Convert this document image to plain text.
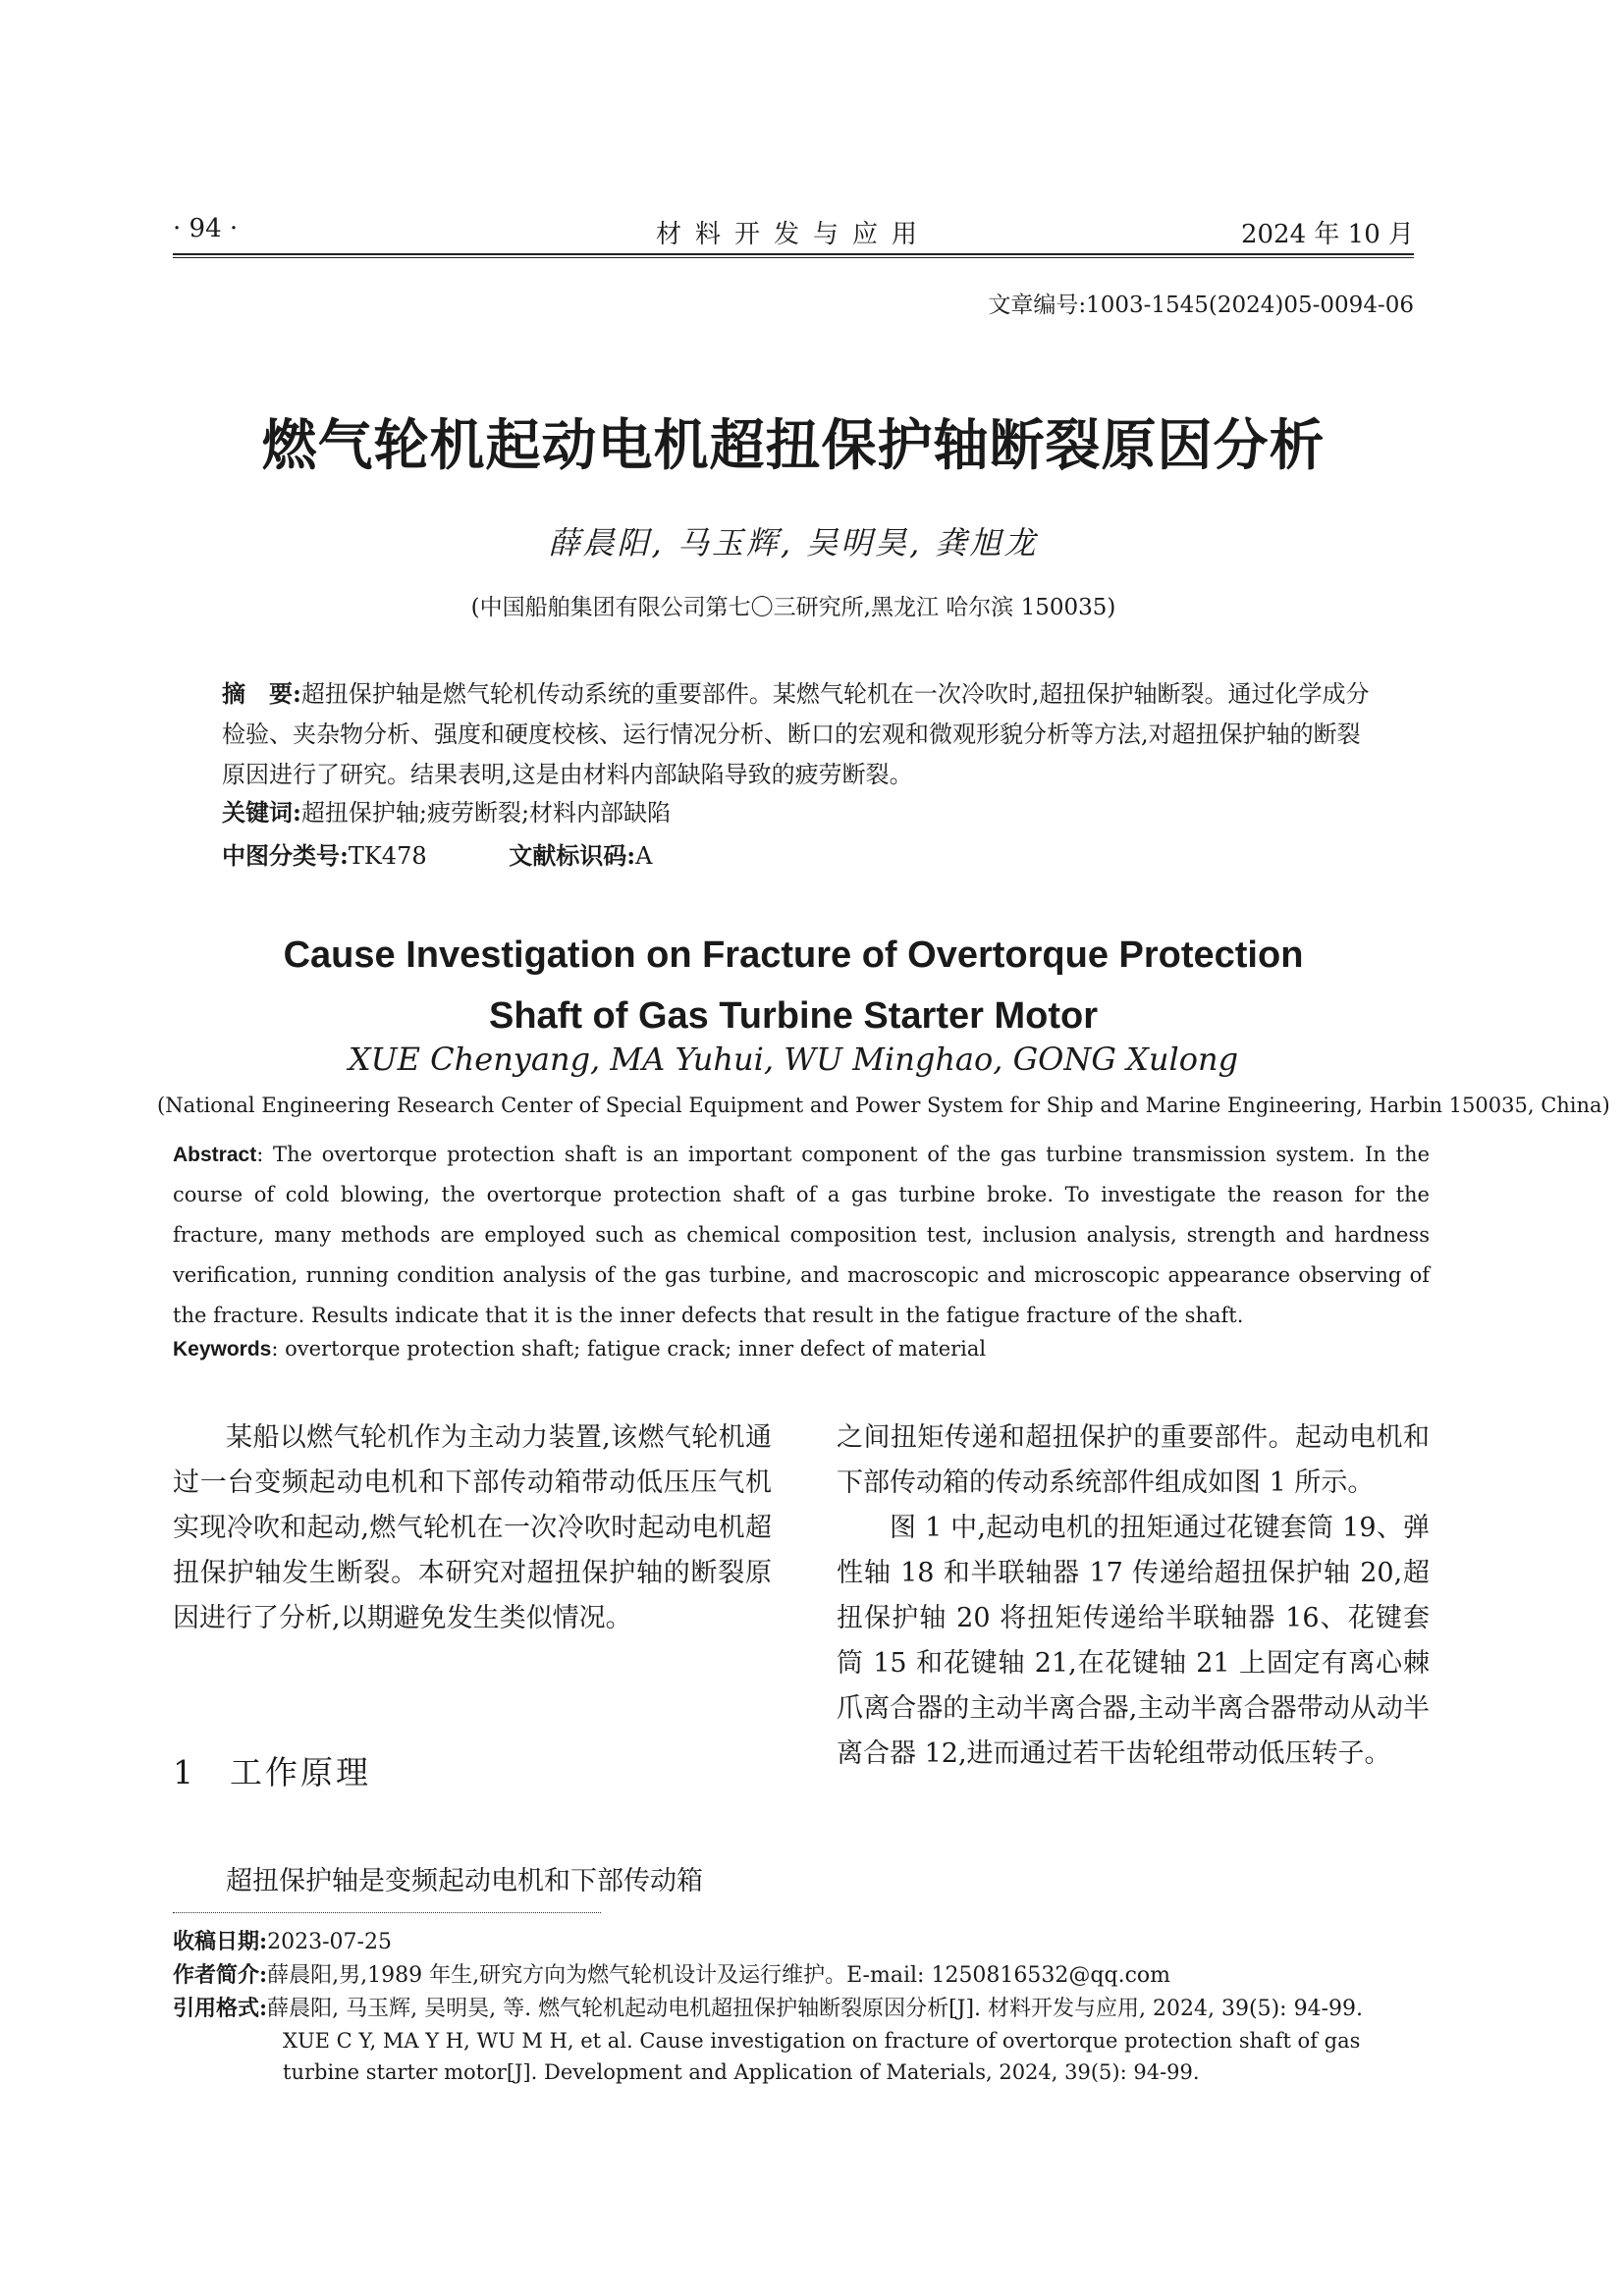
· 94 ·	材料开发与应用	2024 年 10 月
文章编号:1003-1545(2024)05-0094-06
燃气轮机起动电机超扭保护轴断裂原因分析
薛晨阳, 马玉辉, 吴明昊, 龚旭龙
(中国船舶集团有限公司第七〇三研究所,黑龙江 哈尔滨 150035)
摘　要:超扭保护轴是燃气轮机传动系统的重要部件。某燃气轮机在一次冷吹时,超扭保护轴断裂。通过化学成分检验、夹杂物分析、强度和硬度校核、运行情况分析、断口的宏观和微观形貌分析等方法,对超扭保护轴的断裂原因进行了研究。结果表明,这是由材料内部缺陷导致的疲劳断裂。
关键词:超扭保护轴;疲劳断裂;材料内部缺陷
中图分类号:TK478	文献标识码:A
Cause Investigation on Fracture of Overtorque Protection
Shaft of Gas Turbine Starter Motor
XUE Chenyang, MA Yuhui, WU Minghao, GONG Xulong
(National Engineering Research Center of Special Equipment and Power System for Ship and Marine Engineering, Harbin 150035, China)
Abstract: The overtorque protection shaft is an important component of the gas turbine transmission system. In the course of cold blowing, the overtorque protection shaft of a gas turbine broke. To investigate the reason for the fracture, many methods are employed such as chemical composition test, inclusion analysis, strength and hardness verification, running condition analysis of the gas turbine, and macroscopic and microscopic appearance observing of the fracture. Results indicate that it is the inner defects that result in the fatigue fracture of the shaft.
Keywords: overtorque protection shaft; fatigue crack; inner defect of material

某船以燃气轮机作为主动力装置,该燃气轮机通过一台变频起动电机和下部传动箱带动低压压气机实现冷吹和起动,燃气轮机在一次冷吹时起动电机超扭保护轴发生断裂。本研究对超扭保护轴的断裂原因进行了分析,以期避免发生类似情况。

1 工作原理

超扭保护轴是变频起动电机和下部传动箱

之间扭矩传递和超扭保护的重要部件。起动电机和下部传动箱的传动系统部件组成如图 1 所示。

图 1 中,起动电机的扭矩通过花键套筒 19、弹性轴 18 和半联轴器 17 传递给超扭保护轴 20,超扭保护轴 20 将扭矩传递给半联轴器 16、花键套筒 15 和花键轴 21,在花键轴 21 上固定有离心棘爪离合器的主动半离合器,主动半离合器带动从动半离合器 12,进而通过若干齿轮组带动低压转子。

收稿日期:2023-07-25
作者简介:薛晨阳,男,1989 年生,研究方向为燃气轮机设计及运行维护。E-mail: 1250816532@qq.com
引用格式:薛晨阳, 马玉辉, 吴明昊, 等. 燃气轮机起动电机超扭保护轴断裂原因分析[J]. 材料开发与应用, 2024, 39(5): 94-99.
XUE C Y, MA Y H, WU M H, et al. Cause investigation on fracture of overtorque protection shaft of gas turbine starter motor[J]. Development and Application of Materials, 2024, 39(5): 94-99.
